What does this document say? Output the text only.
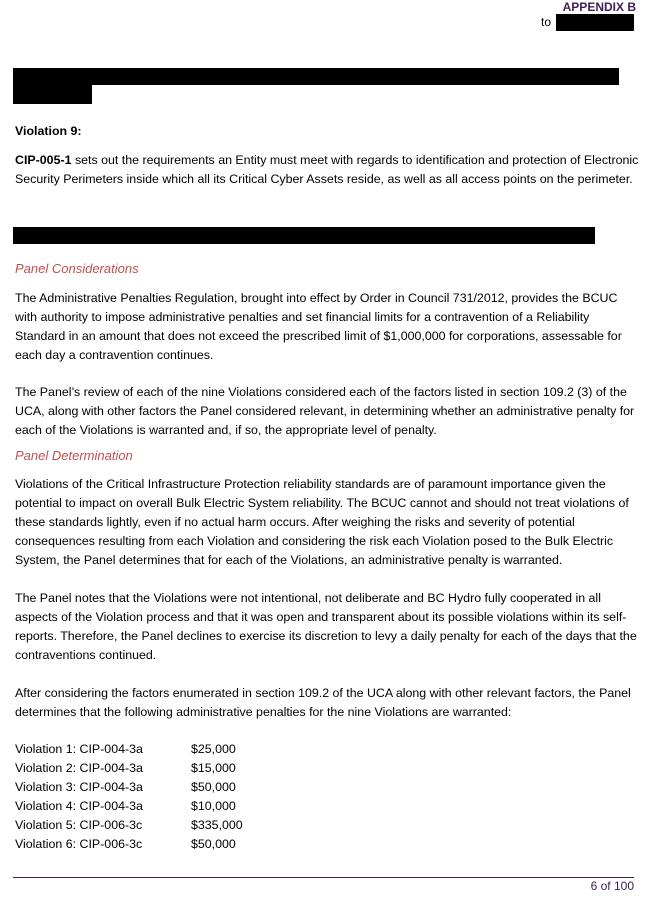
APPENDIX B
to
Violation 9:
CIP-005-1 sets out the requirements an Entity must meet with regards to identification and protection of Electronic Security Perimeters inside which all its Critical Cyber Assets reside, as well as all access points on the perimeter.
Panel Considerations
The Administrative Penalties Regulation, brought into effect by Order in Council 731/2012, provides the BCUC with authority to impose administrative penalties and set financial limits for a contravention of a Reliability Standard in an amount that does not exceed the prescribed limit of $1,000,000 for corporations, assessable for each day a contravention continues.
The Panel’s review of each of the nine Violations considered each of the factors listed in section 109.2 (3) of the UCA, along with other factors the Panel considered relevant, in determining whether an administrative penalty for each of the Violations is warranted and, if so, the appropriate level of penalty.
Panel Determination
Violations of the Critical Infrastructure Protection reliability standards are of paramount importance given the potential to impact on overall Bulk Electric System reliability. The BCUC cannot and should not treat violations of these standards lightly, even if no actual harm occurs. After weighing the risks and severity of potential consequences resulting from each Violation and considering the risk each Violation posed to the Bulk Electric System, the Panel determines that for each of the Violations, an administrative penalty is warranted.
The Panel notes that the Violations were not intentional, not deliberate and BC Hydro fully cooperated in all aspects of the Violation process and that it was open and transparent about its possible violations within its self-reports. Therefore, the Panel declines to exercise its discretion to levy a daily penalty for each of the days that the contraventions continued.
After considering the factors enumerated in section 109.2 of the UCA along with other relevant factors, the Panel determines that the following administrative penalties for the nine Violations are warranted:
Violation 1: CIP-004-3a	$25,000
Violation 2: CIP-004-3a	$15,000
Violation 3: CIP-004-3a	$50,000
Violation 4: CIP-004-3a	$10,000
Violation 5: CIP-006-3c	$335,000
Violation 6: CIP-006-3c	$50,000
6 of 100
